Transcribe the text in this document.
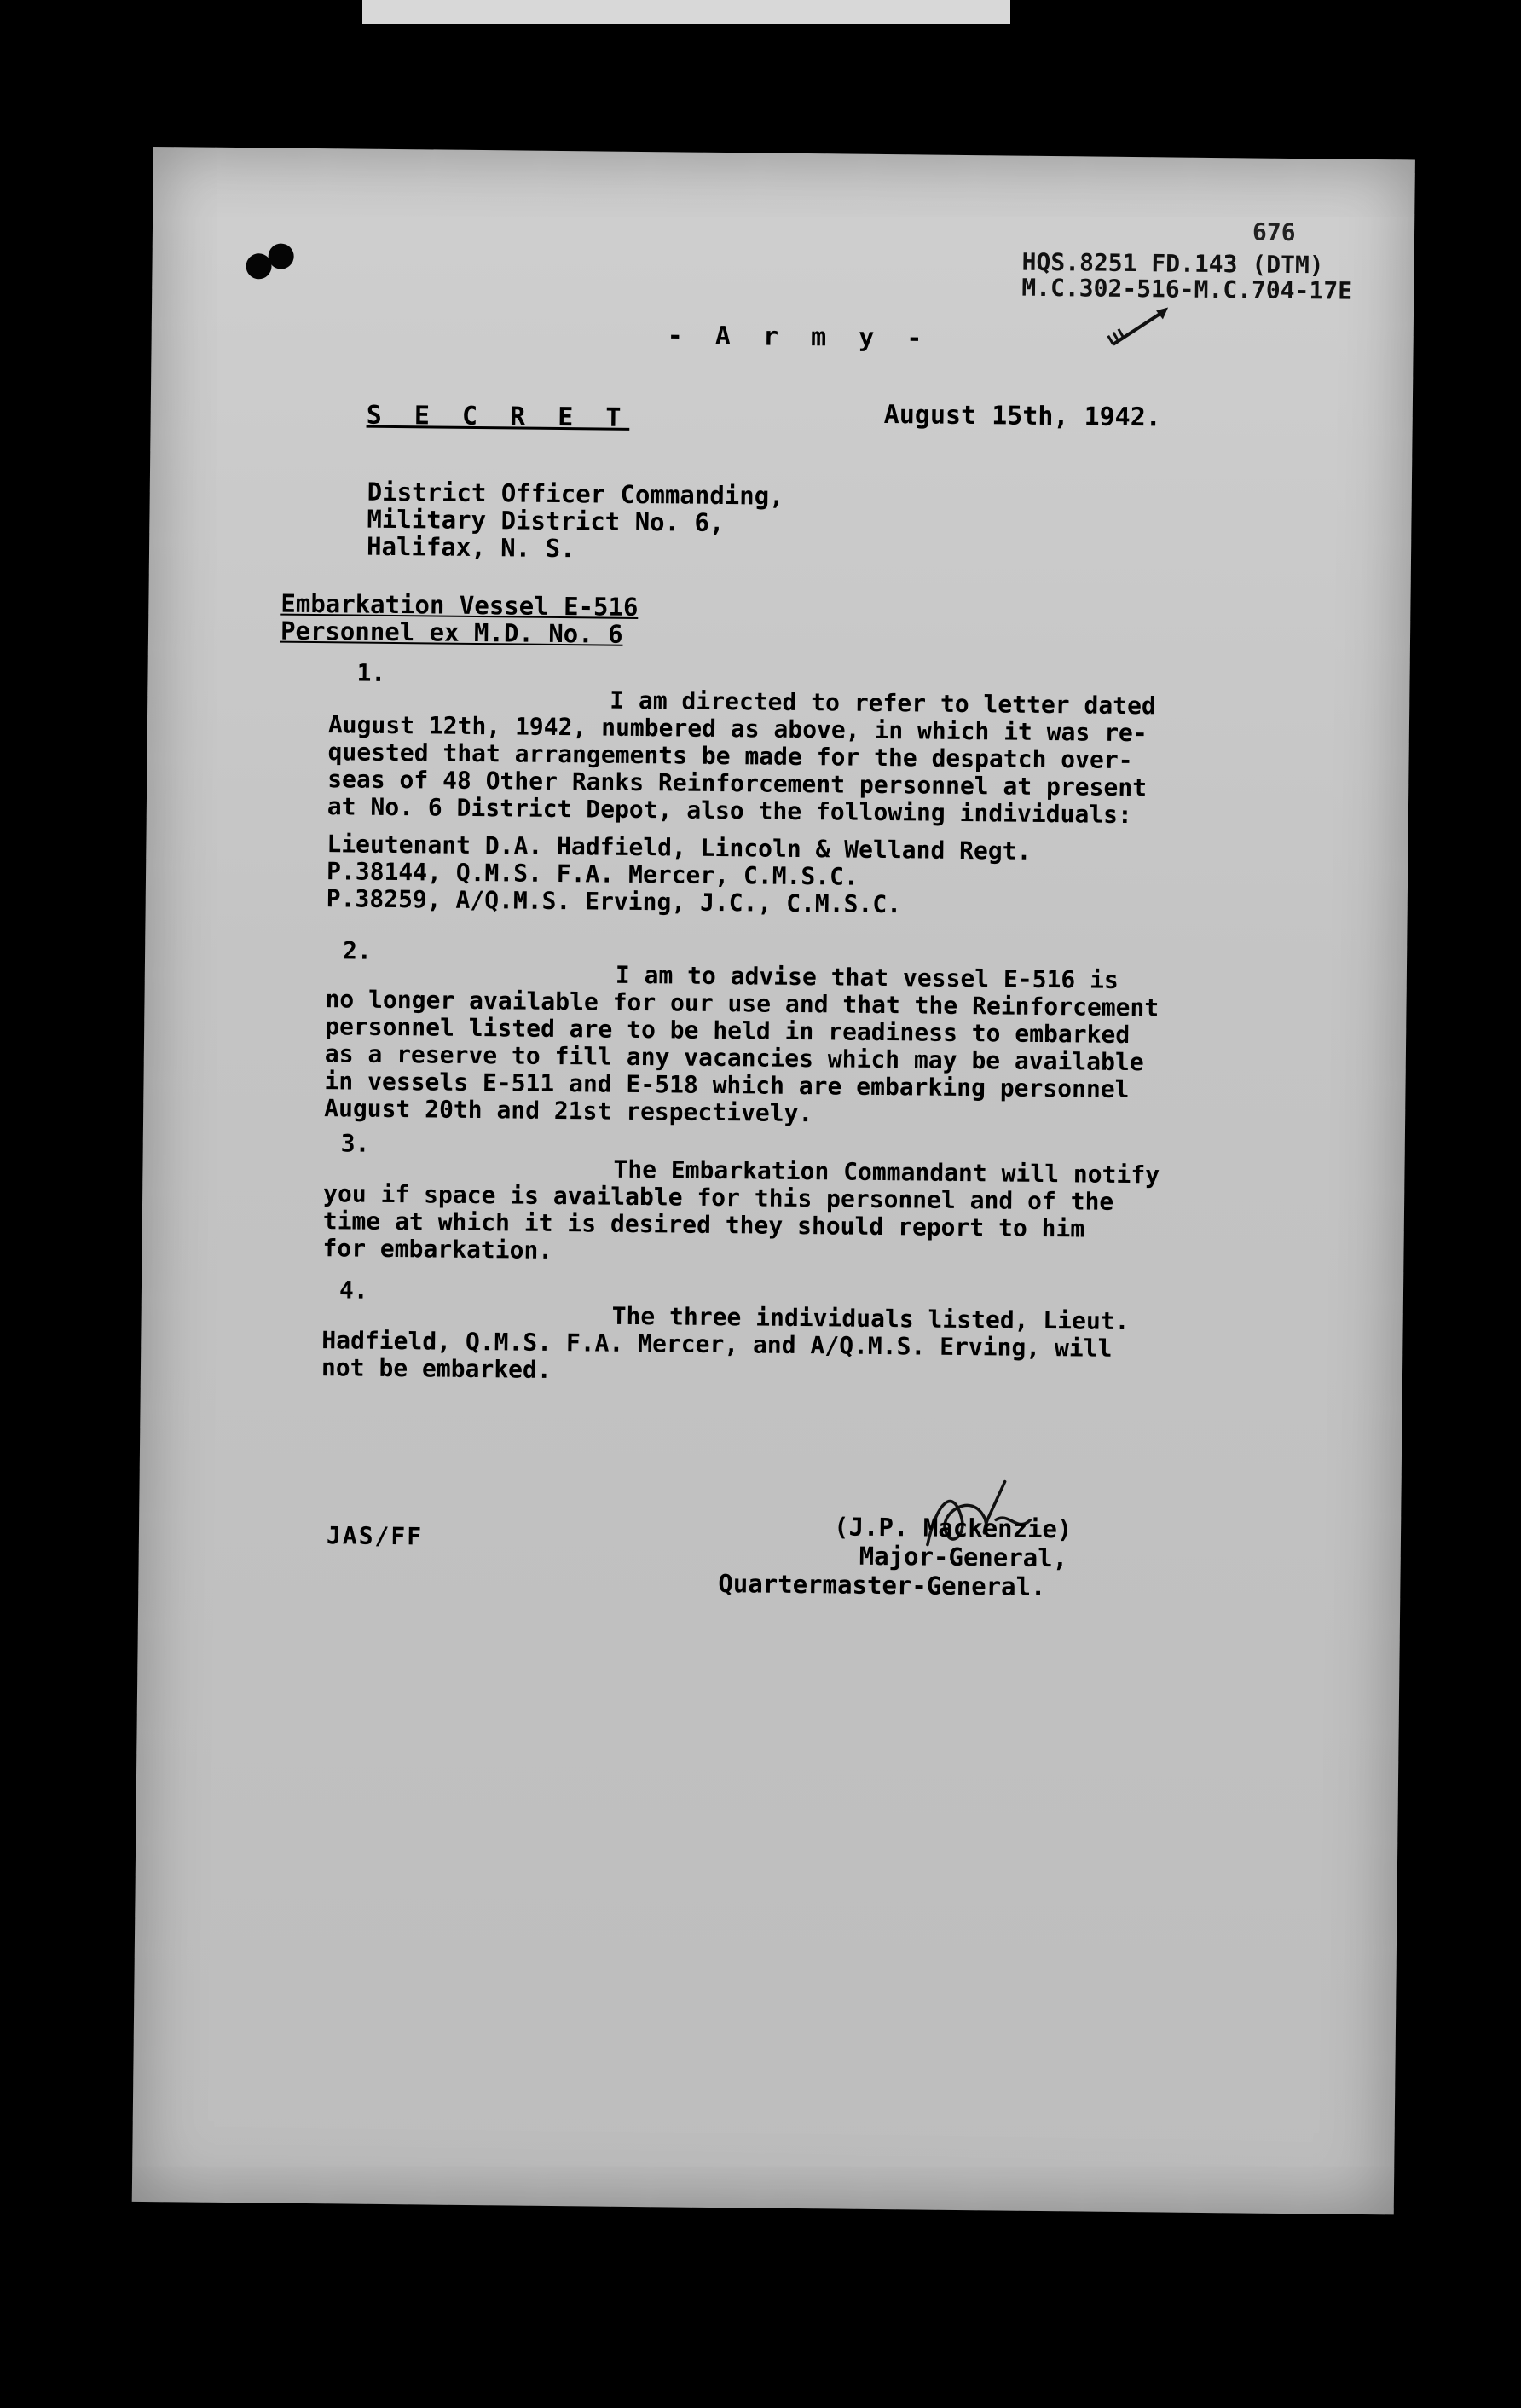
676
HQS.8251 FD.143 (DTM)
M.C.302-516-M.C.704-17E
- A r m y -
S E C R E T	August 15th, 1942.
District Officer Commanding,
Military District No. 6,
Halifax, N. S.
Embarkation Vessel E-516
Personnel ex M.D. No. 6
1.
I am directed to refer to letter dated
August 12th, 1942, numbered as above, in which it was re-
quested that arrangements be made for the despatch over-
seas of 48 Other Ranks Reinforcement personnel at present
at No. 6 District Depot, also the following individuals:
Lieutenant D.A. Hadfield, Lincoln & Welland Regt.
P.38144, Q.M.S. F.A. Mercer, C.M.S.C.
P.38259, A/Q.M.S. Erving, J.C., C.M.S.C.
2.
I am to advise that vessel E-516 is
no longer available for our use and that the Reinforcement
personnel listed are to be held in readiness to embarked
as a reserve to fill any vacancies which may be available
in vessels E-511 and E-518 which are embarking personnel
August 20th and 21st respectively.
3.
The Embarkation Commandant will notify
you if space is available for this personnel and of the
time at which it is desired they should report to him
for embarkation.
4.
The three individuals listed, Lieut.
Hadfield, Q.M.S. F.A. Mercer, and A/Q.M.S. Erving, will
not be embarked.
(J.P. Mackenzie)
Major-General,
Quartermaster-General.
JAS/FF
